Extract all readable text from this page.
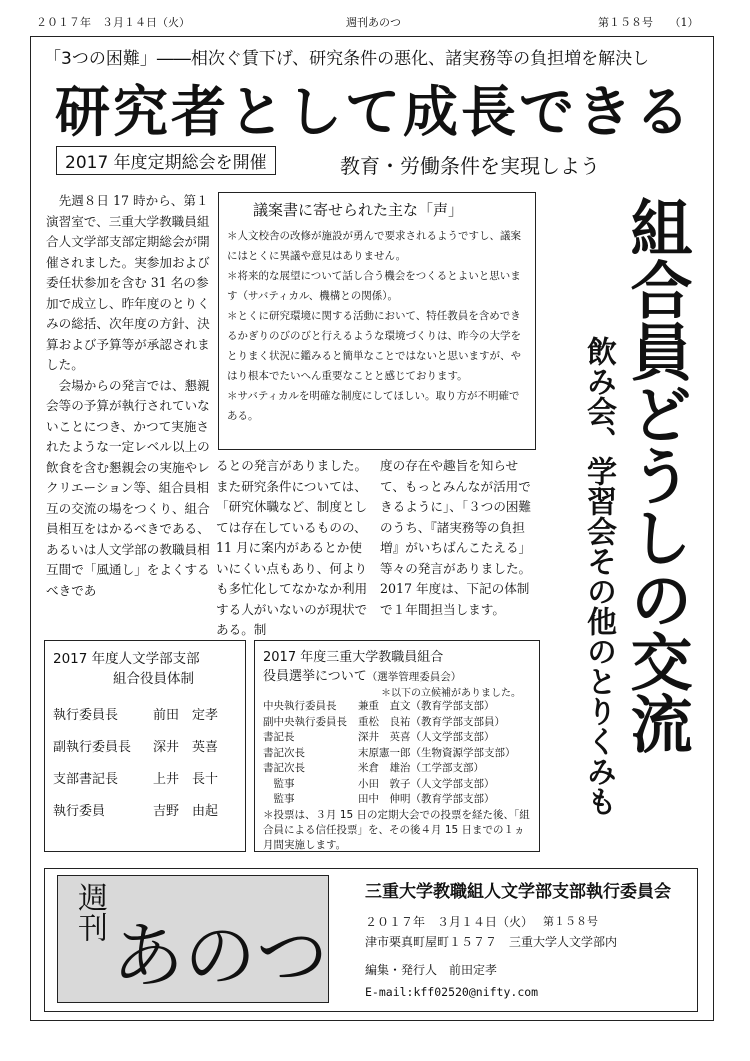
２０１７年　３月１４日（火）	週刊あのつ	第１５８号　　（1）
「3つの困難」――相次ぐ賃下げ、研究条件の悪化、諸実務等の負担増を解決し
研究者として成長できる
2017 年度定期総会を開催	教育・労働条件を実現しよう

先週８日 17 時から、第１演習室で、三重大学教職員組合人文学部支部定期総会が開催されました。実参加および委任状参加を含む 31 名の参加で成立し、昨年度のとりくみの総括、次年度の方針、決算および予算等が承認されました。

会場からの発言では、懇親会等の予算が執行されていないことにつき、かつて実施されたような一定レベル以上の飲食を含む懇親会の実施やレクリエーション等、組合員相互の交流の場をつくり、組合員相互をはかるべきである、あるいは人文学部の教職員相互間で「風通し」をよくするべきであ

議案書に寄せられた主な「声」

＊人文校舎の改修が施設が勇んで要求されるようですし、議案にはとくに異議や意見はありません。

＊将来的な展望について話し合う機会をつくるとよいと思います（サバティカル、機構との関係）。

＊とくに研究環境に関する活動において、特任教員を含めできるかぎりのびのびと行えるような環境づくりは、昨今の大学をとりまく状況に鑑みると簡単なことではないと思いますが、やはり根本でたいへん重要なことと感じております。

＊サバティカルを明確な制度にしてほしい。取り方が不明確である。

るとの発言がありました。　また研究条件については、「研究休職など、制度としては存在しているものの、11 月に案内があるとか使いにくい点もあり、何よりも多忙化してなかなか利用する人がいないのが現状である。制

度の存在や趣旨を知らせて、もっとみんなが活用できるように」、「３つの困難のうち、『諸実務等の負担増』がいちばんこたえる」等々の発言がありました。　2017 年度は、下記の体制で１年間担当します。	組合員どうしの交流
飲み会、学習会その他のとりくみも
2017 年度人文学部支部
組合役員体制
執行委員長	前田　定孝
副執行委員長	深井　英喜
支部書記長	上井　長十
執行委員	吉野　由起
2017 年度三重大学教職員組合
役員選挙について（選挙管理委員会）
＊以下の立候補がありました。
中央執行委員長	兼重　直文 （教育学部支部）
副中央執行委員長	重松　良祐 （教育学部支部員）
書記長	深井　英喜 （人文学部支部）
書記次長	末原憲一郎 （生物資源学部支部）
書記次長	米倉　雄治 （工学部支部）
　監事	小田　敦子 （人文学部支部）
　監事	田中　伸明 （教育学部支部）
＊投票は、３月 15 日の定期大会での投票を経た後、「組合員による信任投票」を、その後４月 15 日までの１ヵ月間実施します。
週刊
あのつ
三重大学教職組人文学部支部執行委員会
２０１７年　３月１４日（火） 第１５８号
津市栗真町屋町１５７７　三重大学人文学部内
編集・発行人　前田定孝
E-mail:kff02520@nifty.com
